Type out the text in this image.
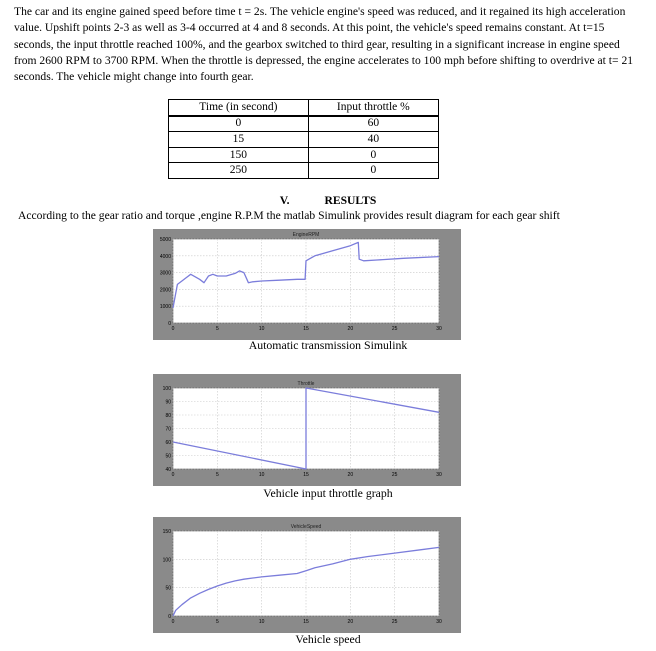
The car and its engine gained speed before time t = 2s. The vehicle engine's speed was reduced, and it regained its high acceleration value. Upshift points 2-3 as well as 3-4 occurred at 4 and 8 seconds. At this point, the vehicle's speed remains constant. At t=15 seconds, the input throttle reached 100%, and the gearbox switched to third gear, resulting in a significant increase in engine speed from 2600 RPM to 3700 RPM. When the throttle is depressed, the engine accelerates to 100 mph before shifting to overdrive at t= 21 seconds. The vehicle might change into fourth gear.
Time (in second)	Input throttle %
0	60
15	40
150	0
250	0
V.	RESULTS
According to the gear ratio and torque ,engine R.P.M the matlab Simulink provides result diagram for each gear shift
0	5	10	15	20	25	30
0
1000
2000
3000
4000
5000
EngineRPM
Automatic transmission Simulink
0	5	10	15	20	25	30
40
50
60
70
80
90
100
Throttle
Vehicle input throttle graph
0	5	10	15	20	25	30
0
50
100
150
VehicleSpeed
Vehicle speed
